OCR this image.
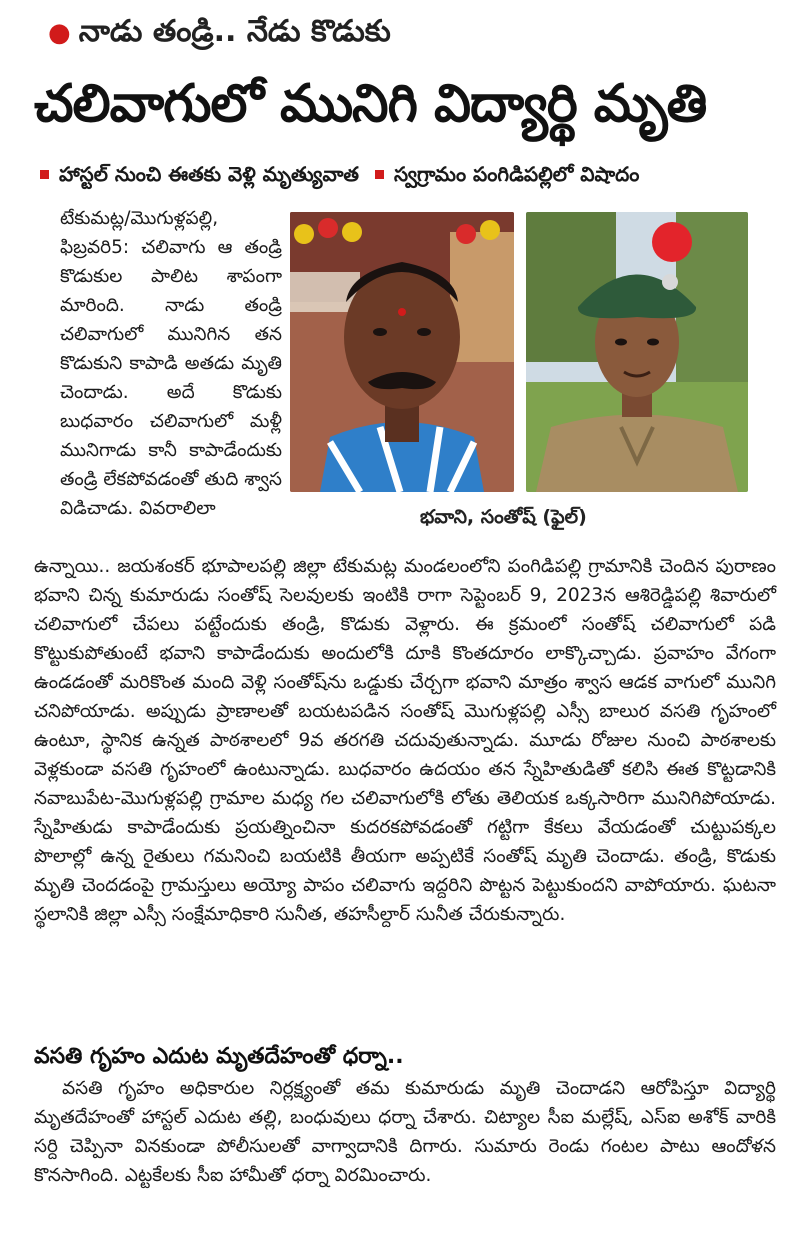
● నాడు తండ్రి.. నేడు కొడుకు
చలివాగులో మునిగి విద్యార్థి మృతి
హాస్టల్ నుంచి ఈతకు వెళ్లి మృత్యువాత స్వగ్రామం పంగిడిపల్లిలో విషాదం

టేకుమట్ల/మొగుళ్లపల్లి, ఫిబ్రవరి5: చలివాగు ఆ తండ్రి కొడుకుల పాలిట శాపంగా మారింది. నాడు తండ్రి చలివాగులో మునిగిన తన కొడుకుని కాపాడి అతడు మృతి చెందాడు. అదే కొడుకు బుధవారం చలివాగులో మళ్లీ మునిగాడు కానీ కాపాడేందుకు తండ్రి లేకపోవడంతో తుది శ్వాస విడిచాడు. వివరాలిలా	భవాని, సంతోష్ (ఫైల్)

ఉన్నాయి.. జయశంకర్ భూపాలపల్లి జిల్లా టేకుమట్ల మండలంలోని పంగిడిపల్లి గ్రామానికి చెందిన పురాణం భవాని చిన్న కుమారుడు సంతోష్ సెలవులకు ఇంటికి రాగా సెప్టెంబర్ 9, 2023న ఆశిరెడ్డిపల్లి శివారులో చలివాగులో చేపలు పట్టేందుకు తండ్రి, కొడుకు వెళ్లారు. ఈ క్రమంలో సంతోష్ చలివాగులో పడి కొట్టుకుపోతుంటే భవాని కాపాడేందుకు అందులోకి దూకి కొంతదూరం లాక్కొచ్చాడు. ప్రవాహం వేగంగా ఉండడంతో మరికొంత మంది వెళ్లి సంతోష్‌ను ఒడ్డుకు చేర్చగా భవాని మాత్రం శ్వాస ఆడక వాగులో మునిగి చనిపోయాడు. అప్పుడు ప్రాణాలతో బయటపడిన సంతోష్ మొగుళ్లపల్లి ఎస్సీ బాలుర వసతి గృహంలో ఉంటూ, స్థానిక ఉన్నత పాఠశాలలో 9వ తరగతి చదువుతున్నాడు. మూడు రోజుల నుంచి పాఠశాలకు వెళ్లకుండా వసతి గృహంలో ఉంటున్నాడు. బుధవారం ఉదయం తన స్నేహితుడితో కలిసి ఈత కొట్టడానికి నవాబుపేట-మొగుళ్లపల్లి గ్రామాల మధ్య గల చలివాగులోకి లోతు తెలియక ఒక్కసారిగా మునిగిపోయాడు. స్నేహితుడు కాపాడేందుకు ప్రయత్నించినా కుదరకపోవడంతో గట్టిగా కేకలు వేయడంతో చుట్టుపక్కల పొలాల్లో ఉన్న రైతులు గమనించి బయటికి తీయగా అప్పటికే సంతోష్ మృతి చెందాడు. తండ్రి, కొడుకు మృతి చెందడంపై గ్రామస్తులు అయ్యో పాపం చలివాగు ఇద్దరిని పొట్టన పెట్టుకుందని వాపోయారు. ఘటనా స్థలానికి జిల్లా ఎస్సీ సంక్షేమాధికారి సునీత, తహసీల్దార్ సునీత చేరుకున్నారు.

వసతి గృహం ఎదుట మృతదేహంతో ధర్నా..

వసతి గృహం అధికారుల నిర్లక్ష్యంతో తమ కుమారుడు మృతి చెందాడని ఆరోపిస్తూ విద్యార్థి మృతదేహంతో హాస్టల్ ఎదుట తల్లి, బంధువులు ధర్నా చేశారు. చిట్యాల సీఐ మల్లేష్, ఎస్ఐ అశోక్ వారికి సర్ది చెప్పినా వినకుండా పోలీసులతో వాగ్వాదానికి దిగారు. సుమారు రెండు గంటల పాటు ఆందోళన కొనసాగింది. ఎట్టకేలకు సీఐ హామీతో ధర్నా విరమించారు.
